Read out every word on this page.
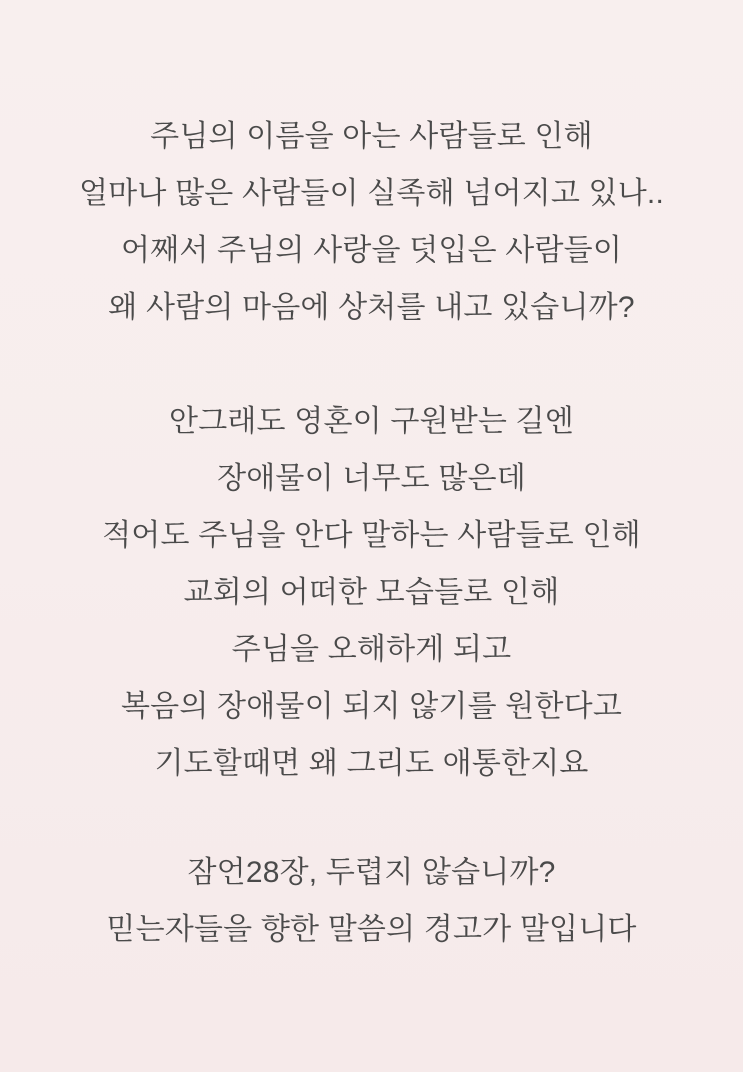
주님의 이름을 아는 사람들로 인해
얼마나 많은 사람들이 실족해 넘어지고 있나..
어째서 주님의 사랑을 덧입은 사람들이
왜 사람의 마음에 상처를 내고 있습니까?
안그래도 영혼이 구원받는 길엔
장애물이 너무도 많은데
적어도 주님을 안다 말하는 사람들로 인해
교회의 어떠한 모습들로 인해
주님을 오해하게 되고
복음의 장애물이 되지 않기를 원한다고
기도할때면 왜 그리도 애통한지요
잠언28장, 두렵지 않습니까?
믿는자들을 향한 말씀의 경고가 말입니다
